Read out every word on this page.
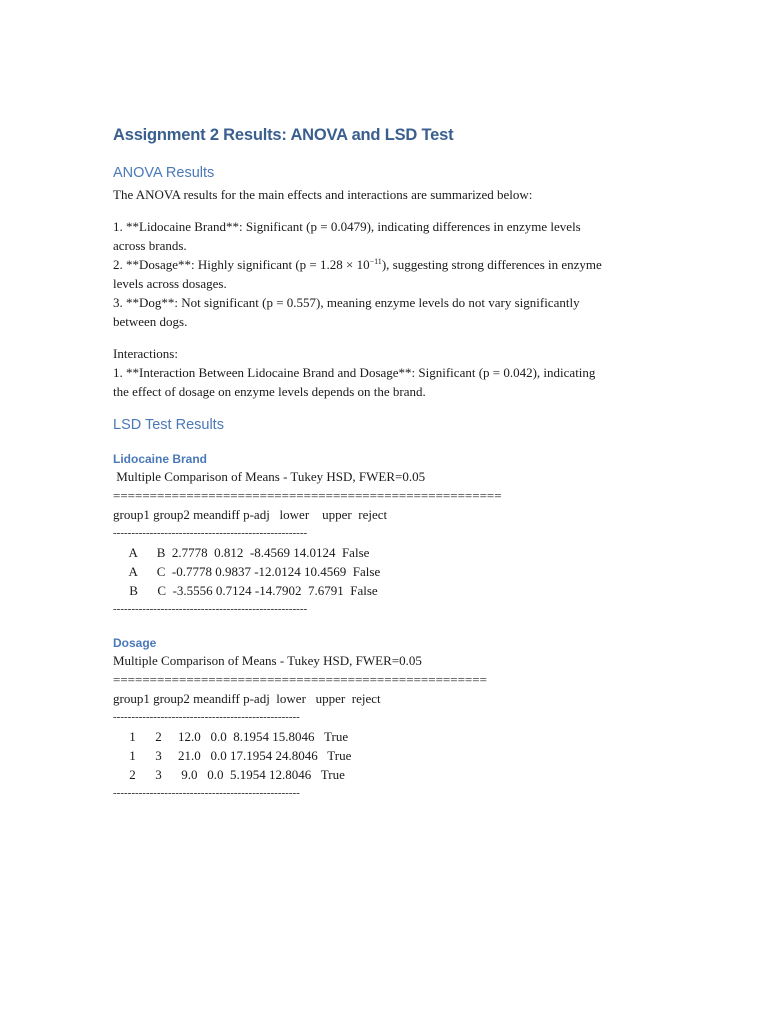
Assignment 2 Results: ANOVA and LSD Test
ANOVA Results

The ANOVA results for the main effects and interactions are summarized below:

1. **Lidocaine Brand**: Significant (p = 0.0479), indicating differences in enzyme levels

across brands.

2. **Dosage**: Highly significant $(p = 1.28 \times 10^{-11})$, suggesting strong differences in enzyme

levels across dosages.

3. **Dog**: Not significant (p = 0.557), meaning enzyme levels do not vary significantly

between dogs.

Interactions:

1. **Interaction Between Lidocaine Brand and Dosage**: Significant (p = 0.042), indicating

the effect of dosage on enzyme levels depends on the brand.

LSD Test Results
Lidocaine Brand
Multiple Comparison of Means - Tukey HSD, FWER=0.05
=====================================================
group1 group2 meandiff p-adj   lower    upper  reject
-----------------------------------------------------
A      B  2.7778  0.812  -8.4569 14.0124  False
A      C  -0.7778 0.9837 -12.0124 10.4569  False
B      C  -3.5556 0.7124 -14.7902  7.6791  False
-----------------------------------------------------
Dosage
Multiple Comparison of Means - Tukey HSD, FWER=0.05
===================================================
group1 group2 meandiff p-adj  lower   upper  reject
---------------------------------------------------
1      2     12.0   0.0  8.1954 15.8046   True
1      3     21.0   0.0 17.1954 24.8046   True
2      3      9.0   0.0  5.1954 12.8046   True
---------------------------------------------------
